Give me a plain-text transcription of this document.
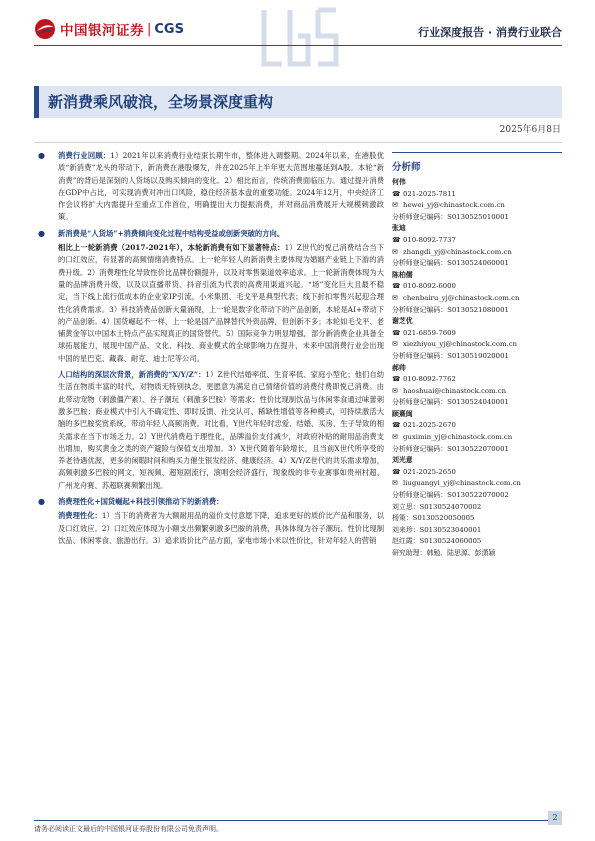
中国银河证券 | CGS	行业深度报告 · 消费行业联合
新消费乘风破浪，全场景深度重构
2025年6月8日
● 消费行业回顾：1）2021年以来消费行业结束长期牛市，整体进入调整期。2024年以来，在港股优质“新消费”龙头的带动下，新消费在港股爆发，并在2025年上半年更大范围地蔓延到A股。本轮“新消费”的背后是深刻的人货场以及购买倾向的变化。2）相比而言，传统消费面临压力。通过提升消费在GDP中占比，可实现消费对冲出口风险，稳住经济基本盘的重要功能。2024年12月，中央经济工作会议将扩大内需提升至重点工作首位，明确提出大力提振消费，并对商品消费展开大规模刺激政策。
● 新消费是“人货场”+消费倾向变化过程中结构受益或创新突破的方向。
相比上一轮新消费（2017-2021年），本轮新消费有如下显著特点：1）Z世代的悦己消费结合当下的口红效应，有显著的高频情绪消费特点。上一轮年轻人的新消费主要体现为婚姻产业链上下游的消费升级。2）消费理性化导致性价比品牌份额提升，以及对零售渠道效率追求。上一轮新消费体现为大量的品牌消费升级，以及以直播带货、抖音引流为代表的高费用渠道兴起。“场”变化巨大且最不稳定，当下线上流行低成本的企业家IP引流，小米集团、毛戈平是典型代表；线下折扣零售兴起迎合理性化消费需求。3）科技消费品创新大量涌现，上一轮是数字化带动下的产品创新，本轮是AI+带动下的产品创新。4）国货崛起不一样，上一轮是国产品牌替代外资品牌，但创新不多；本轮如毛戈平、老铺黄金等以中国本土特点产品实现真正的国货替代。5）国际竞争力明显增强，部分新消费企业具备全球拓展能力，展现中国产品、文化、科技、商业模式的全球影响力在提升，未来中国消费行业会出现中国的星巴克、藏森、耐克、迪士尼等公司。
人口结构的深层次背景，新消费的“X/Y/Z”：1）Z世代结婚率低、生育率低、家庭小型化；他们自幼生活在物质丰富的时代，对物质无特别执念，更愿意为满足自己情绪价值的消费付费即悦己消费。由此带动宠物（刺激僵产素）、谷子潮玩（刺激多巴胺）等需求；性价比现制饮品与休闲零食通过味蕾刺激多巴胺；商业模式中引入不确定性、即时反馈、社交认可、稀缺性增值等各种模式，可持续激活大脑的多巴胺奖赏系统，带动年轻人高频消费。对比看，Y世代年轻时忠爱、结婚、买房、生子导致的相关需求在当下市场乏力。2）Y世代消费趋于理性化，品牌溢价支付减少，对政府补贴的耐用品消费支出增加，购买黄金之类的资产避险与保值支出增加。3）X世代随着年龄增长，且当前X世代所享受的养老待遇优渥，更多的闲暇时间和购买力催生银发经济、健康经济。4）X/Y/Z世代的共乐需求增加，高频刺激多巴胺的网文、短视频、超短剧流行，演唱会经济盛行，现象级的非专业赛事如贵州村超、广州龙舟赛、苏超联赛频繁出现。
● 消费理性化+国货崛起+科技引领推动下的新消费：
消费理性化：1）当下的消费者为大额耐用品的溢价支付意愿下降，追求更好的质价比产品和服务，以及口红效应。2）口红效应体现为小额支出频繁刺激多巴胺的消费，具体体现为谷子潮玩、性价比现制饮品、休闲零食、旅游出行。3）追求质价比产品方面，家电市场小米以性价比，针对年轻人的营销
分析师
何伟
☎ 021-2025-7811
✉ hewei_yj@chinastock.com.cn
分析师登记编码：S0130525010001
张迪
☎ 010-8092-7737
✉ zhangdi_yj@chinastock.com.cn
分析师登记编码：S0130524060001
陈柏儒
☎ 010-8092-6000
✉ chenbairu_yj@chinastock.com.cn
分析师登记编码：S0130521080001
谢芝优
☎ 021-6859-7609
✉ xiezhiyou_yj@chinastock.com.cn
分析师登记编码：S0130519020001
郝帅
☎ 010-8092-7762
✉ haoshuai@chinastock.com.cn
分析师登记编码：S0130524040001
顾熹闽
☎ 021-2025-2670
✉ guximin_yj@chinastock.com.cn
分析师登记编码：S0130522070001
刘光意
☎ 021-2025-2650
✉ liuguangyi_yj@chinastock.com.cn
分析师登记编码：S0130522070002
刘立思：S0130524070002
杨策：S0130520050005
刘来珍：S0130523040001
赵红霞：S0130524060005
研究助理：韩勉、陆思源、彭潇颖
请务必阅读正文最后的中国银河证券股份有限公司免责声明。
2
